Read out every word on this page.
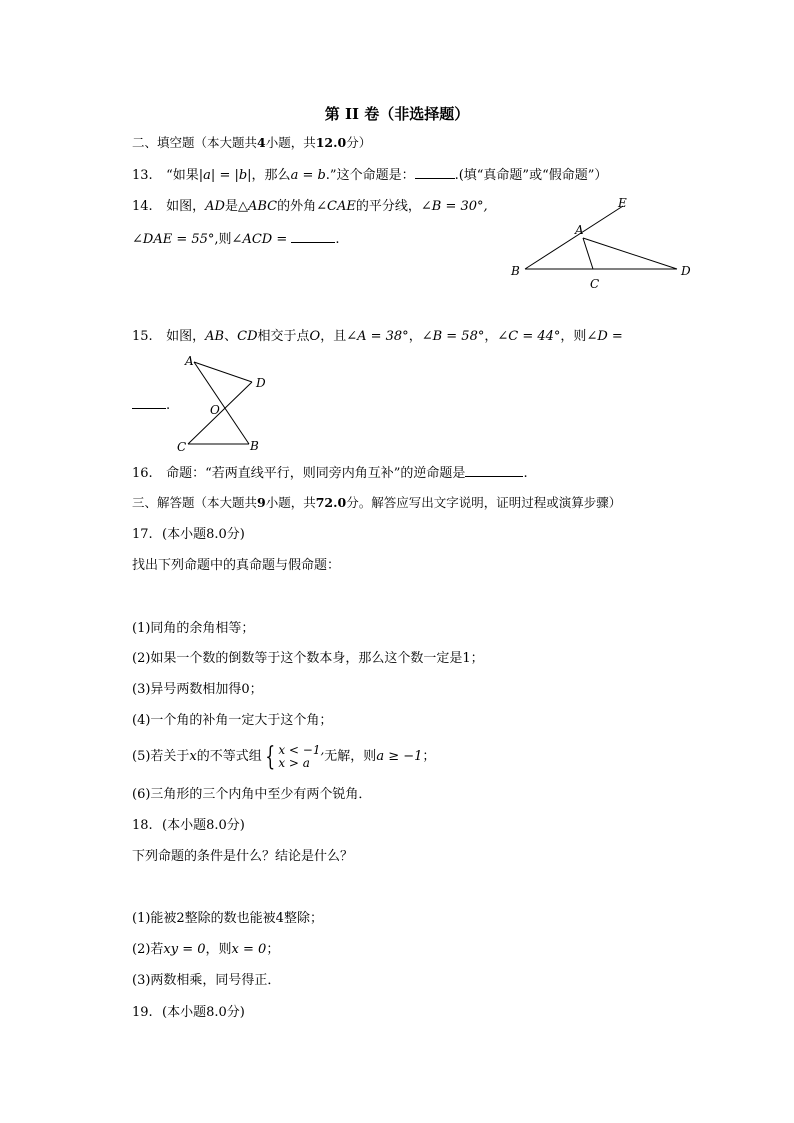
第 II 卷（非选择题）
二、填空题（本大题共4小题，共12.0分）
13. “如果|a| = |b|，那么a = b.”这个命题是：	.(填“真命题”或“假命题”）
14. 如图，AD是△ABC的外角∠CAE的平分线，∠B = 30°,
∠DAE = 55°,则∠ACD =	.
E
A
B
C
D
15. 如图，AB、CD相交于点O，且∠A = 38°，∠B = 58°，∠C = 44°，则∠D =
.
A
D
O
C	B
16. 命题：“若两直线平行，则同旁内角互补”的逆命题是	.
三、解答题（本大题共9小题，共72.0分。解答应写出文字说明，证明过程或演算步骤）
17. (本小题8.0分)
找出下列命题中的真命题与假命题：
(1)同角的余角相等；
(2)如果一个数的倒数等于这个数本身，那么这个数一定是1；
(3)异号两数相加得0；
(4)一个角的补角一定大于这个角；
(5)若关于x的不等式组 { x < −1,
x > a	无解，则a ≥ −1；
(6)三角形的三个内角中至少有两个锐角．
18. (本小题8.0分)
下列命题的条件是什么？结论是什么？
(1)能被2整除的数也能被4整除；
(2)若xy = 0，则x = 0；
(3)两数相乘，同号得正．
19. (本小题8.0分)
